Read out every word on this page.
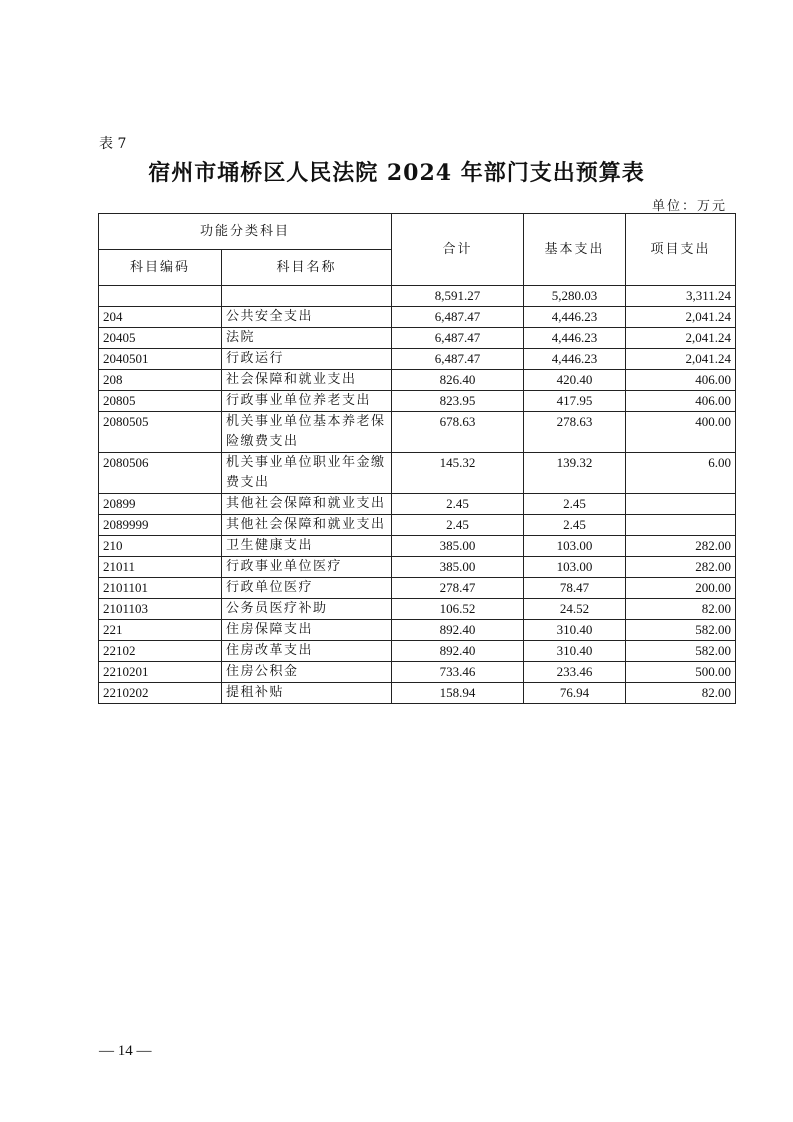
表 7
宿州市埇桥区人民法院 2024 年部门支出预算表
单位：万元
功能分类科目		合计	基本支出	项目支出
科目编码	科目名称			
		8,591.27	5,280.03	3,311.24
204	公共安全支出	6,487.47	4,446.23	2,041.24
20405	法院	6,487.47	4,446.23	2,041.24
2040501	行政运行	6,487.47	4,446.23	2,041.24
208	社会保障和就业支出	826.40	420.40	406.00
20805	行政事业单位养老支出	823.95	417.95	406.00
2080505	机关事业单位基本养老保险缴费支出	678.63	278.63	400.00
2080506	机关事业单位职业年金缴费支出	145.32	139.32	6.00
20899	其他社会保障和就业支出	2.45	2.45	
2089999	其他社会保障和就业支出	2.45	2.45	
210	卫生健康支出	385.00	103.00	282.00
21011	行政事业单位医疗	385.00	103.00	282.00
2101101	行政单位医疗	278.47	78.47	200.00
2101103	公务员医疗补助	106.52	24.52	82.00
221	住房保障支出	892.40	310.40	582.00
22102	住房改革支出	892.40	310.40	582.00
2210201	住房公积金	733.46	233.46	500.00
2210202	提租补贴	158.94	76.94	82.00
— 14 —
